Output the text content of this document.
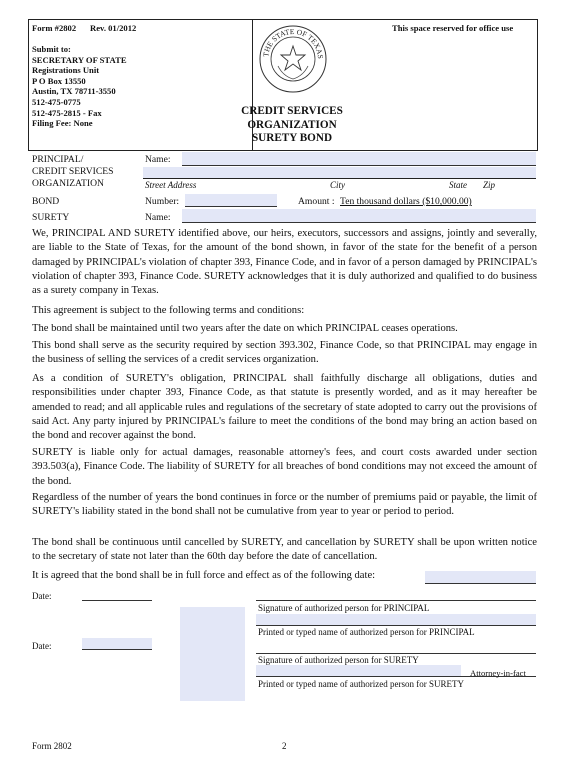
Form #2802 Rev. 01/2012	This space reserved for office use
Submit to:
SECRETARY OF STATE
Registrations Unit
P O Box 13550
Austin, TX 78711-3550
512-475-0775
512-475-2815 - Fax
Filing Fee: None
THE STATE OF TEXAS
CREDIT SERVICES
ORGANIZATION
SURETY BOND
PRINCIPAL/
CREDIT SERVICES
ORGANIZATION
Name:
Street Address	City	State Zip
BOND	Number:	Amount : Ten thousand dollars ($10,000.00)
SURETY	Name:
We, PRINCIPAL AND SURETY identified above, our heirs, executors, successors and assigns, jointly and severally, are liable to the State of Texas, for the amount of the bond shown, in favor of the state for the benefit of a person damaged by PRINCIPAL's violation of chapter 393, Finance Code, and in favor of a person damaged by PRINCIPAL's violation of chapter 393, Finance Code. SURETY acknowledges that it is duly authorized and qualified to do business as a surety company in Texas.
This agreement is subject to the following terms and conditions:
The bond shall be maintained until two years after the date on which PRINCIPAL ceases operations.
This bond shall serve as the security required by section 393.302, Finance Code, so that PRINCIPAL may engage in the business of selling the services of a credit services organization.
As a condition of SURETY's obligation, PRINCIPAL shall faithfully discharge all obligations, duties and responsibilities under chapter 393, Finance Code, as that statute is presently worded, and as it may hereafter be amended to read; and all applicable rules and regulations of the secretary of state adopted to carry out the provisions of said Act. Any party injured by PRINCIPAL's failure to meet the conditions of the bond may bring an action based on the bond and recover against the bond.
SURETY is liable only for actual damages, reasonable attorney's fees, and court costs awarded under section 393.503(a), Finance Code. The liability of SURETY for all breaches of bond conditions may not exceed the amount of the bond.
Regardless of the number of years the bond continues in force or the number of premiums paid or payable, the limit of SURETY's liability stated in the bond shall not be cumulative from year to year or period to period.
The bond shall be continuous until cancelled by SURETY, and cancellation by SURETY shall be upon written notice to the secretary of state not later than the 60th day before the date of cancellation.
It is agreed that the bond shall be in full force and effect as of the following date:
Date:
Signature of authorized person for PRINCIPAL
Printed or typed name of authorized person for PRINCIPAL
Date:
Signature of authorized person for SURETY
Attorney-in-fact
Printed or typed name of authorized person for SURETY
Form 2802	2
